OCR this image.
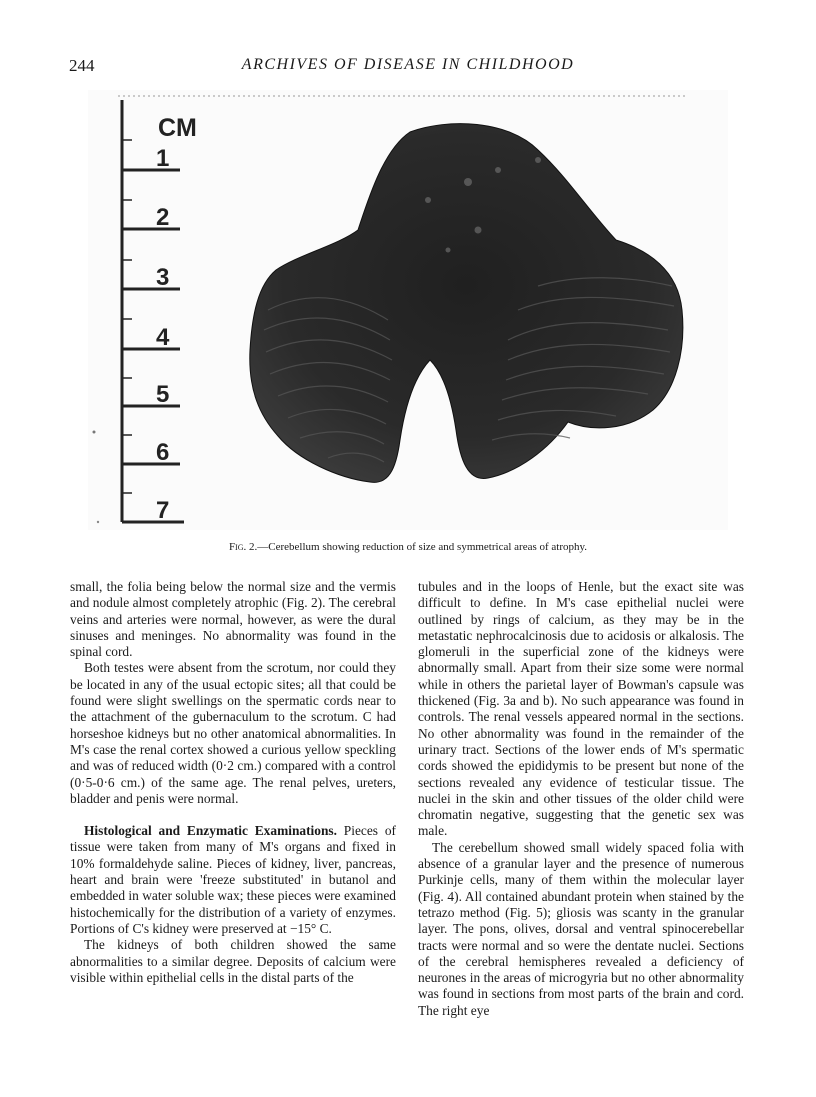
244	ARCHIVES OF DISEASE IN CHILDHOOD
CM
1
2
3
4
5
6
7
Fig. 2.—Cerebellum showing reduction of size and symmetrical areas of atrophy.

small, the folia being below the normal size and the vermis and nodule almost completely atrophic (Fig. 2). The cerebral veins and arteries were normal, however, as were the dural sinuses and meninges. No abnormality was found in the spinal cord.

Both testes were absent from the scrotum, nor could they be located in any of the usual ectopic sites; all that could be found were slight swellings on the spermatic cords near to the attachment of the gubernaculum to the scrotum. C had horseshoe kidneys but no other anatomical abnormalities. In M's case the renal cortex showed a curious yellow speckling and was of reduced width (0·2 cm.) compared with a control (0·5-0·6 cm.) of the same age. The renal pelves, ureters, bladder and penis were normal.

Histological and Enzymatic Examinations. Pieces of tissue were taken from many of M's organs and fixed in 10% formaldehyde saline. Pieces of kidney, liver, pancreas, heart and brain were 'freeze substituted' in butanol and embedded in water soluble wax; these pieces were examined histochemically for the distribution of a variety of enzymes. Portions of C's kidney were preserved at −15° C.

The kidneys of both children showed the same abnormalities to a similar degree. Deposits of calcium were visible within epithelial cells in the distal parts of the

tubules and in the loops of Henle, but the exact site was difficult to define. In M's case epithelial nuclei were outlined by rings of calcium, as they may be in the metastatic nephrocalcinosis due to acidosis or alkalosis. The glomeruli in the superficial zone of the kidneys were abnormally small. Apart from their size some were normal while in others the parietal layer of Bowman's capsule was thickened (Fig. 3a and b). No such appearance was found in controls. The renal vessels appeared normal in the sections. No other abnormality was found in the remainder of the urinary tract. Sections of the lower ends of M's spermatic cords showed the epididymis to be present but none of the sections revealed any evidence of testicular tissue. The nuclei in the skin and other tissues of the older child were chromatin negative, suggesting that the genetic sex was male.

The cerebellum showed small widely spaced folia with absence of a granular layer and the presence of numerous Purkinje cells, many of them within the molecular layer (Fig. 4). All contained abundant protein when stained by the tetrazo method (Fig. 5); gliosis was scanty in the granular layer. The pons, olives, dorsal and ventral spinocerebellar tracts were normal and so were the dentate nuclei. Sections of the cerebral hemispheres revealed a deficiency of neurones in the areas of microgyria but no other abnormality was found in sections from most parts of the brain and cord. The right eye
